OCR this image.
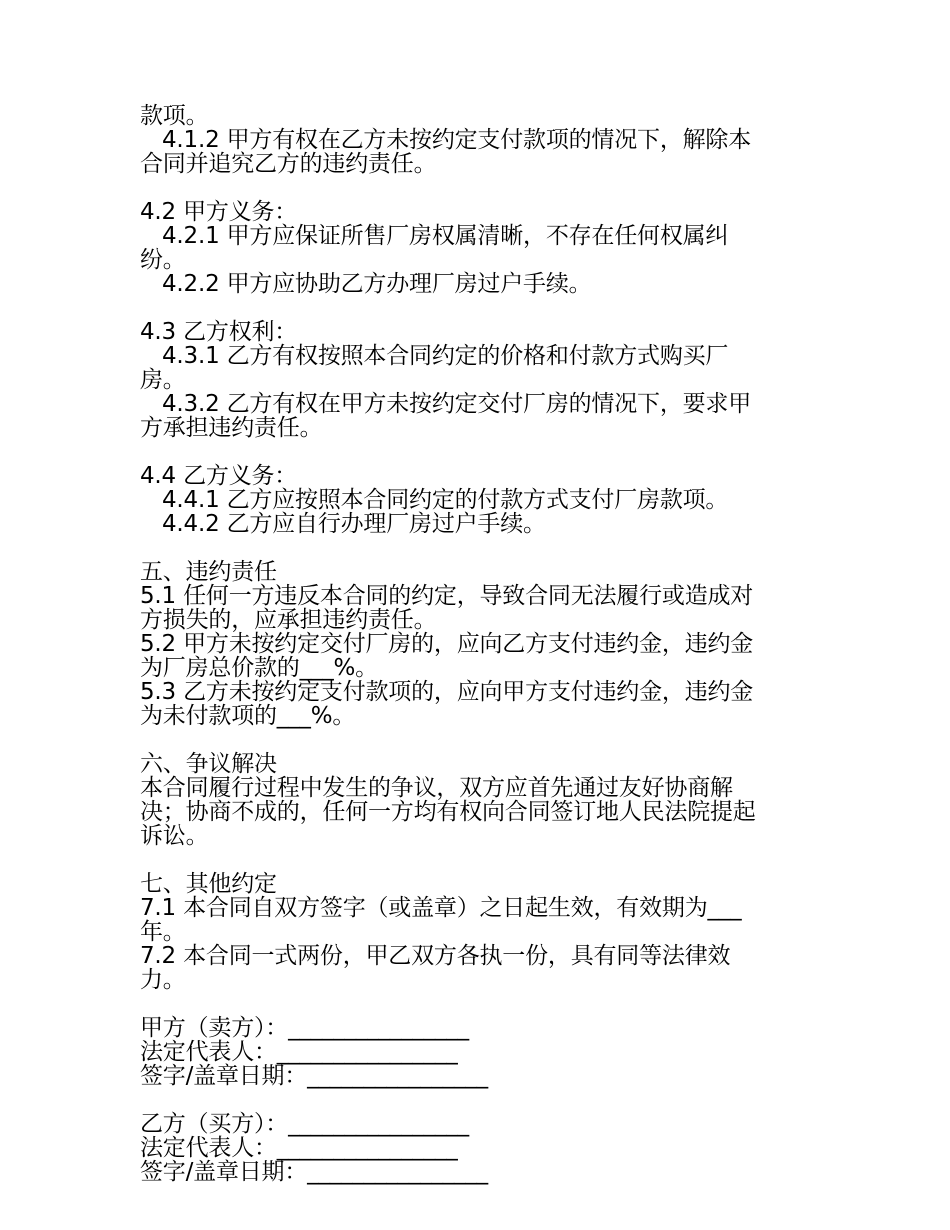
款项。
4.1.2 甲方有权在乙方未按约定支付款项的情况下，解除本
合同并追究乙方的违约责任。
4.2 甲方义务：
4.2.1 甲方应保证所售厂房权属清晰，不存在任何权属纠
纷。
4.2.2 甲方应协助乙方办理厂房过户手续。
4.3 乙方权利：
4.3.1 乙方有权按照本合同约定的价格和付款方式购买厂
房。
4.3.2 乙方有权在甲方未按约定交付厂房的情况下，要求甲
方承担违约责任。
4.4 乙方义务：
4.4.1 乙方应按照本合同约定的付款方式支付厂房款项。
4.4.2 乙方应自行办理厂房过户手续。
五、违约责任
5.1 任何一方违反本合同的约定，导致合同无法履行或造成对
方损失的，应承担违约责任。
5.2 甲方未按约定交付厂房的，应向乙方支付违约金，违约金
为厂房总价款的___%。
5.3 乙方未按约定支付款项的，应向甲方支付违约金，违约金
为未付款项的___%。
六、争议解决
本合同履行过程中发生的争议，双方应首先通过友好协商解
决；协商不成的，任何一方均有权向合同签订地人民法院提起
诉讼。
七、其他约定
7.1 本合同自双方签字（或盖章）之日起生效，有效期为___
年。
7.2 本合同一式两份，甲乙双方各执一份，具有同等法律效
力。
甲方（卖方）：________________
法定代表人：________________
签字/盖章日期：________________
乙方（买方）：________________
法定代表人：________________
签字/盖章日期：________________
